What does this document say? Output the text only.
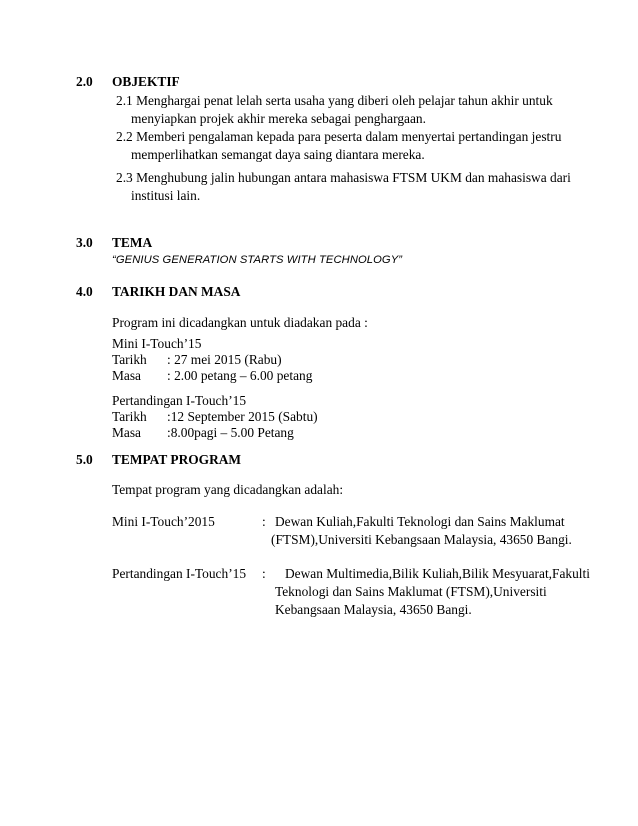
2.0 OBJEKTIF
2.1 Menghargai penat lelah serta usaha yang diberi oleh pelajar tahun akhir untuk
menyiapkan projek akhir mereka sebagai penghargaan.
2.2 Memberi pengalaman kepada para peserta dalam menyertai pertandingan jestru
memperlihatkan semangat daya saing diantara mereka.
2.3 Menghubung jalin hubungan antara mahasiswa FTSM UKM dan mahasiswa dari
institusi lain.
3.0 TEMA
“GENIUS GENERATION STARTS WITH TECHNOLOGY”
4.0 TARIKH DAN MASA
Program ini dicadangkan untuk diadakan pada :
Mini I-Touch’15
Tarikh : 27 mei 2015 (Rabu)
Masa : 2.00 petang – 6.00 petang
Pertandingan I-Touch’15
Tarikh :12 September 2015 (Sabtu)
Masa :8.00pagi – 5.00 Petang
5.0 TEMPAT PROGRAM
Tempat program yang dicadangkan adalah:
Mini I-Touch’2015	: Dewan Kuliah,Fakulti Teknologi dan Sains Maklumat
(FTSM),Universiti Kebangsaan Malaysia, 43650 Bangi.
Pertandingan I-Touch’15 : Dewan Multimedia,Bilik Kuliah,Bilik Mesyuarat,Fakulti
Teknologi dan Sains Maklumat (FTSM),Universiti
Kebangsaan Malaysia, 43650 Bangi.
